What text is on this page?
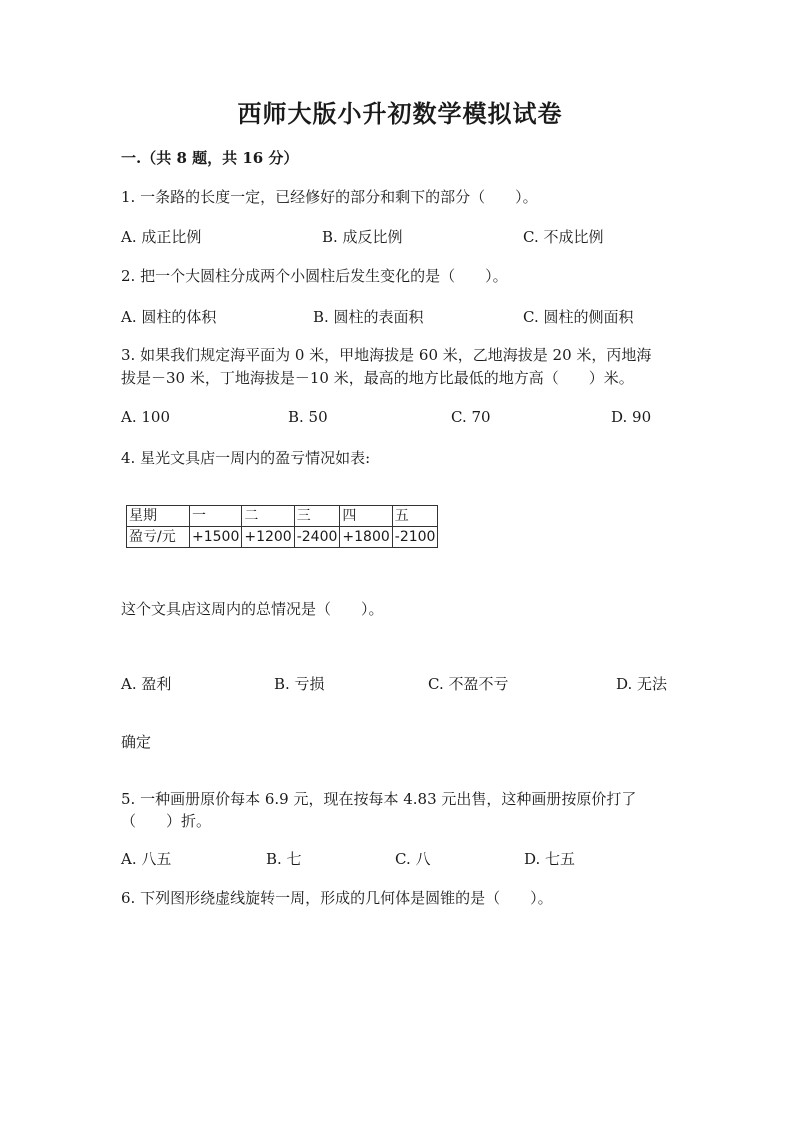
西师大版小升初数学模拟试卷
一.（共 8 题，共 16 分）
1. 一条路的长度一定，已经修好的部分和剩下的部分（　　）。
A. 成正比例	B. 成反比例	C. 不成比例
2. 把一个大圆柱分成两个小圆柱后发生变化的是（　　）。
A. 圆柱的体积	B. 圆柱的表面积	C. 圆柱的侧面积
3. 如果我们规定海平面为 0 米，甲地海拔是 60 米，乙地海拔是 20 米，丙地海
拔是－30 米，丁地海拔是－10 米，最高的地方比最低的地方高（　　）米。
A. 100	B. 50	C. 70	D. 90
4. 星光文具店一周内的盈亏情况如表:
星期	一	二	三	四	五
盈亏/元	+1500	+1200	-2400	+1800	-2100
这个文具店这周内的总情况是（　　）。
A. 盈利	B. 亏损	C. 不盈不亏	D. 无法
确定
5. 一种画册原价每本 6.9 元，现在按每本 4.83 元出售，这种画册按原价打了
（　　）折。
A. 八五	B. 七	C. 八	D. 七五
6. 下列图形绕虚线旋转一周，形成的几何体是圆锥的是（　　）。
